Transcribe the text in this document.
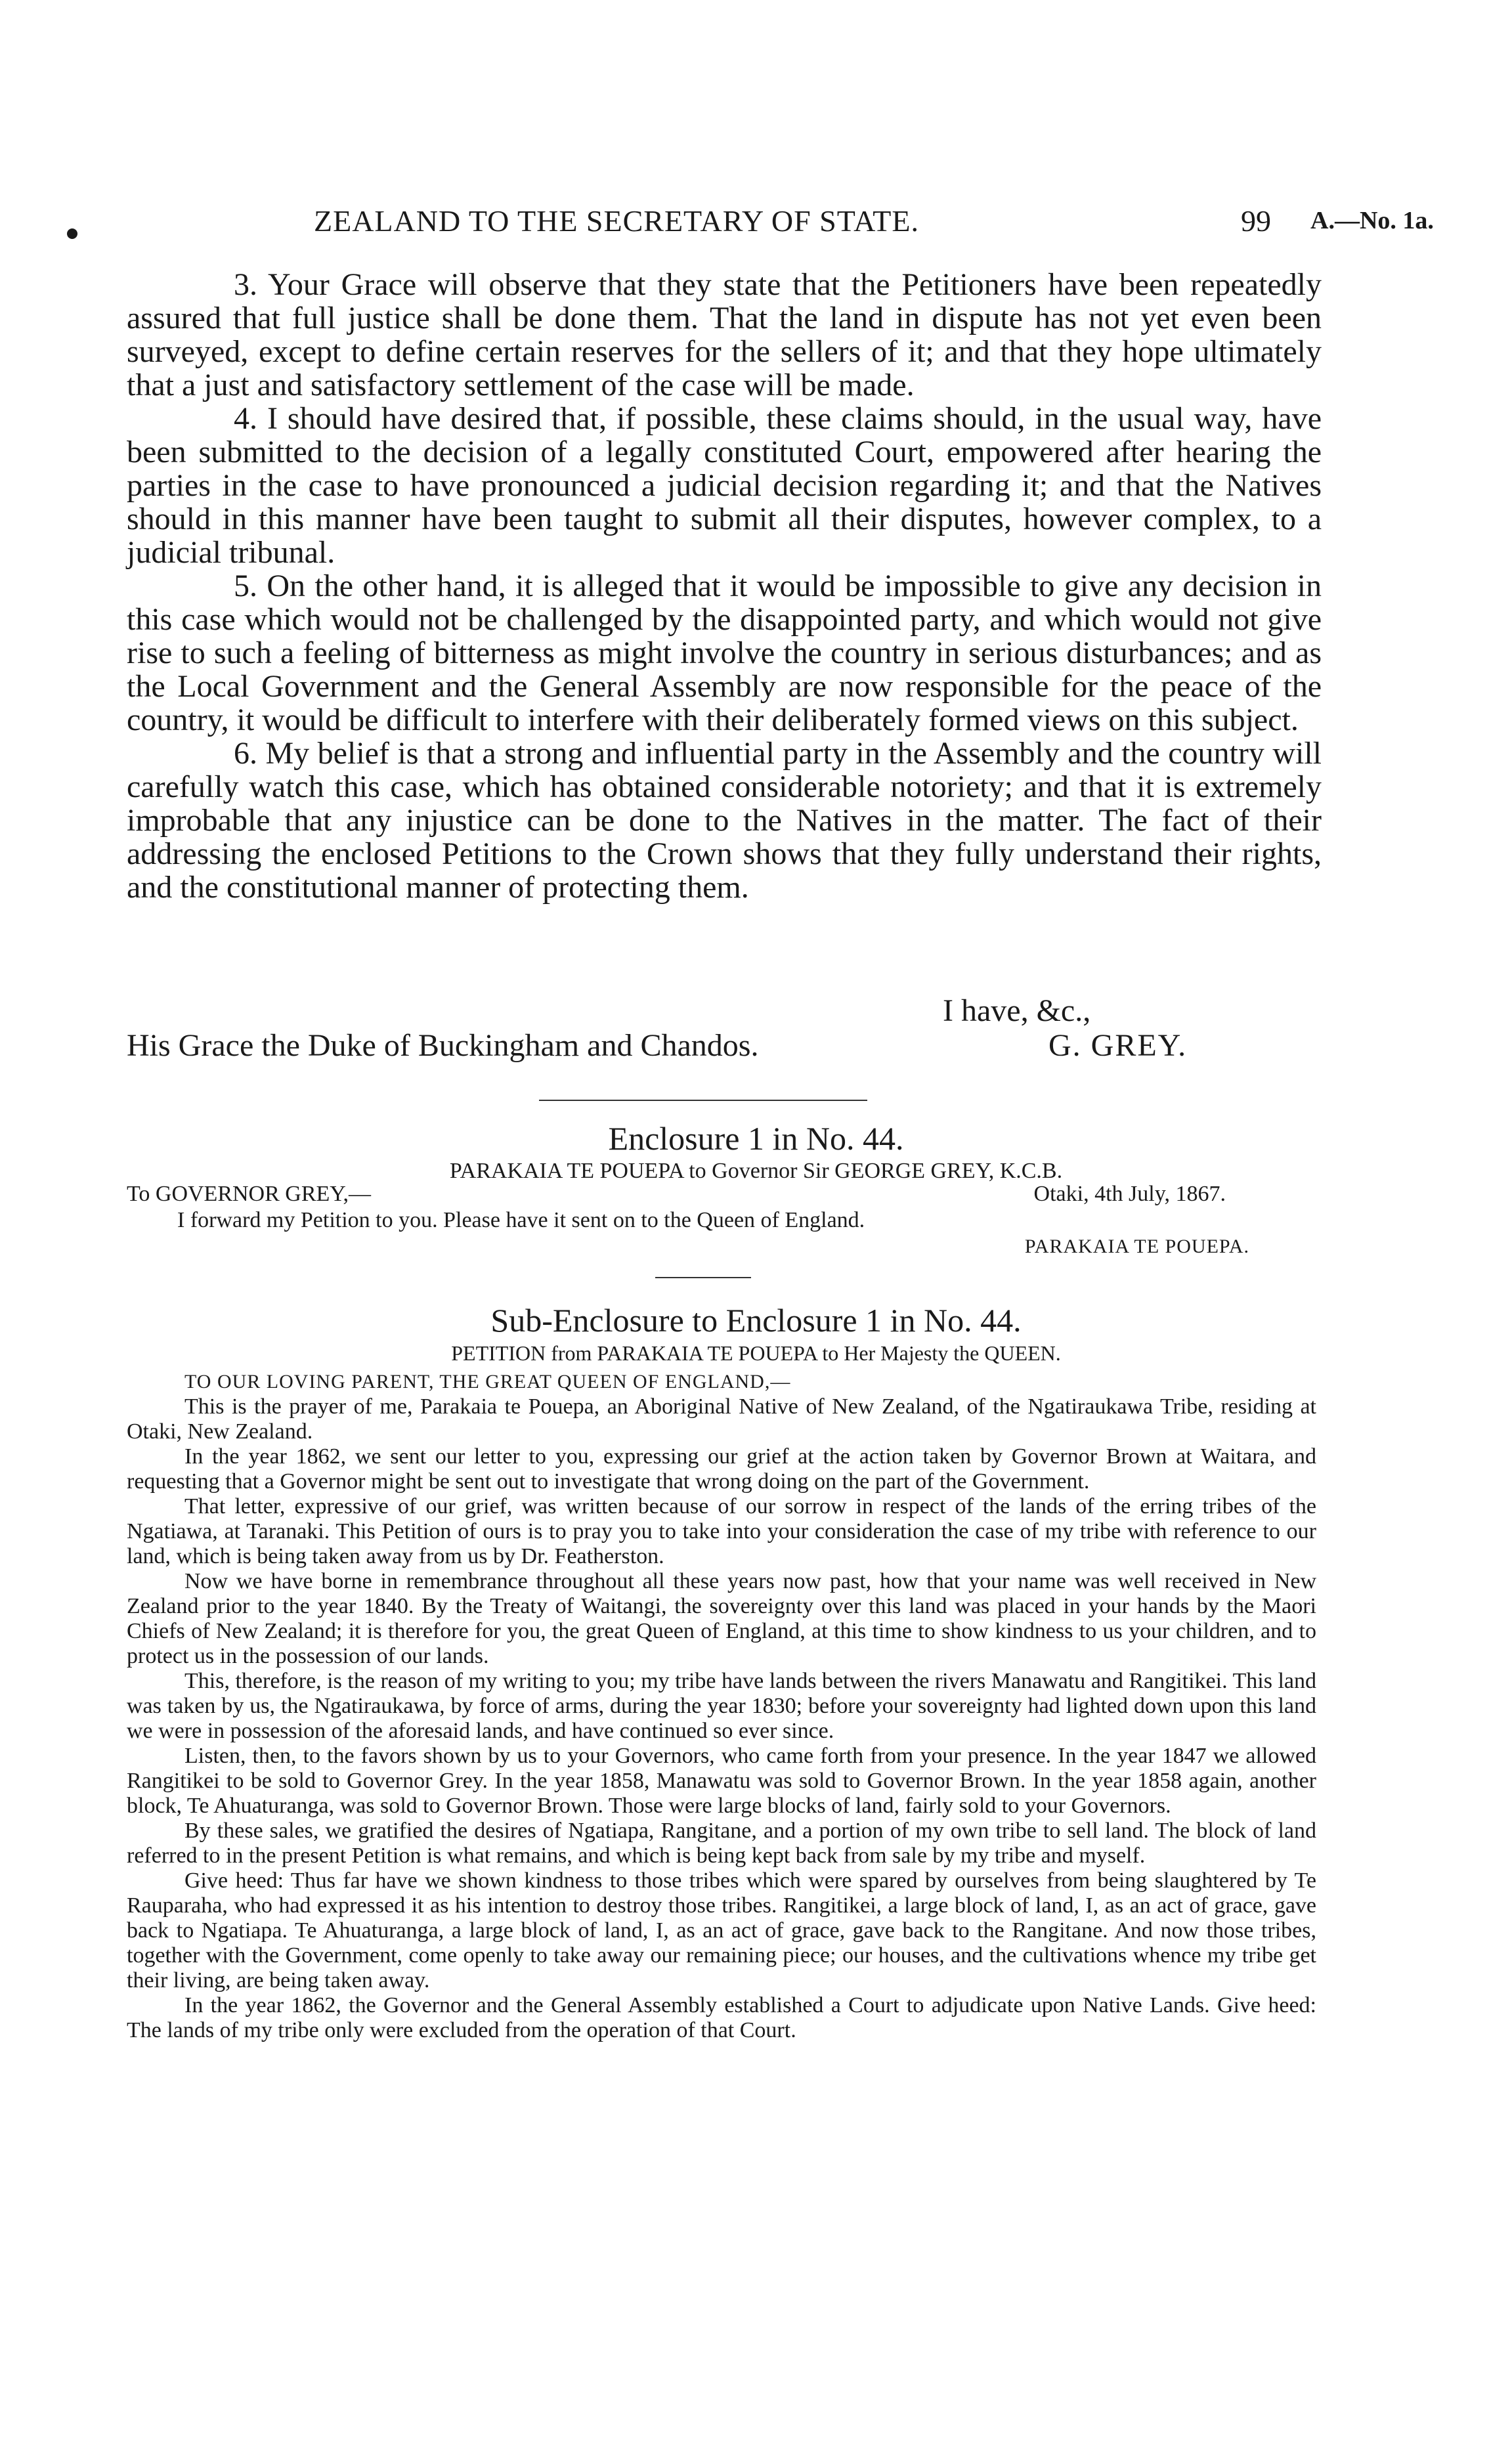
ZEALAND TO THE SECRETARY OF STATE.	99 A.—No. 1a.

3. Your Grace will observe that they state that the Petitioners have been repeatedly assured that full justice shall be done them. That the land in dispute has not yet even been surveyed, except to define certain reserves for the sellers of it; and that they hope ultimately that a just and satisfactory settlement of the case will be made.

4. I should have desired that, if possible, these claims should, in the usual way, have been submitted to the decision of a legally constituted Court, empowered after hearing the parties in the case to have pronounced a judicial decision regarding it; and that the Natives should in this manner have been taught to submit all their disputes, however complex, to a judicial tribunal.

5. On the other hand, it is alleged that it would be impossible to give any decision in this case which would not be challenged by the disappointed party, and which would not give rise to such a feeling of bitterness as might involve the country in serious disturbances; and as the Local Government and the General Assembly are now responsible for the peace of the country, it would be difficult to interfere with their deliberately formed views on this subject.

6. My belief is that a strong and influential party in the Assembly and the country will carefully watch this case, which has obtained considerable notoriety; and that it is extremely improbable that any injustice can be done to the Natives in the matter. The fact of their addressing the enclosed Petitions to the Crown shows that they fully understand their rights, and the constitutional manner of protecting them.

I have, &c.,
His Grace the Duke of Buckingham and Chandos.	G. GREY.
Enclosure 1 in No. 44.
PARAKAIA TE POUEPA to Governor Sir GEORGE GREY, K.C.B.
To GOVERNOR GREY,—	Otaki, 4th July, 1867.
I forward my Petition to you. Please have it sent on to the Queen of England.
PARAKAIA TE POUEPA.
Sub-Enclosure to Enclosure 1 in No. 44.
PETITION from PARAKAIA TE POUEPA to Her Majesty the QUEEN.

TO OUR LOVING PARENT, THE GREAT QUEEN OF ENGLAND,—

This is the prayer of me, Parakaia te Pouepa, an Aboriginal Native of New Zealand, of the Ngatiraukawa Tribe, residing at Otaki, New Zealand.

In the year 1862, we sent our letter to you, expressing our grief at the action taken by Governor Brown at Waitara, and requesting that a Governor might be sent out to investigate that wrong doing on the part of the Government.

That letter, expressive of our grief, was written because of our sorrow in respect of the lands of the erring tribes of the Ngatiawa, at Taranaki. This Petition of ours is to pray you to take into your consideration the case of my tribe with reference to our land, which is being taken away from us by Dr. Featherston.

Now we have borne in remembrance throughout all these years now past, how that your name was well received in New Zealand prior to the year 1840. By the Treaty of Waitangi, the sovereignty over this land was placed in your hands by the Maori Chiefs of New Zealand; it is therefore for you, the great Queen of England, at this time to show kindness to us your children, and to protect us in the possession of our lands.

This, therefore, is the reason of my writing to you; my tribe have lands between the rivers Manawatu and Rangitikei. This land was taken by us, the Ngatiraukawa, by force of arms, during the year 1830; before your sovereignty had lighted down upon this land we were in possession of the aforesaid lands, and have continued so ever since.

Listen, then, to the favors shown by us to your Governors, who came forth from your presence. In the year 1847 we allowed Rangitikei to be sold to Governor Grey. In the year 1858, Manawatu was sold to Governor Brown. In the year 1858 again, another block, Te Ahuaturanga, was sold to Governor Brown. Those were large blocks of land, fairly sold to your Governors.

By these sales, we gratified the desires of Ngatiapa, Rangitane, and a portion of my own tribe to sell land. The block of land referred to in the present Petition is what remains, and which is being kept back from sale by my tribe and myself.

Give heed: Thus far have we shown kindness to those tribes which were spared by ourselves from being slaughtered by Te Rauparaha, who had expressed it as his intention to destroy those tribes. Rangitikei, a large block of land, I, as an act of grace, gave back to Ngatiapa. Te Ahuaturanga, a large block of land, I, as an act of grace, gave back to the Rangitane. And now those tribes, together with the Government, come openly to take away our remaining piece; our houses, and the cultivations whence my tribe get their living, are being taken away.

In the year 1862, the Governor and the General Assembly established a Court to adjudicate upon Native Lands. Give heed: The lands of my tribe only were excluded from the operation of that Court.
